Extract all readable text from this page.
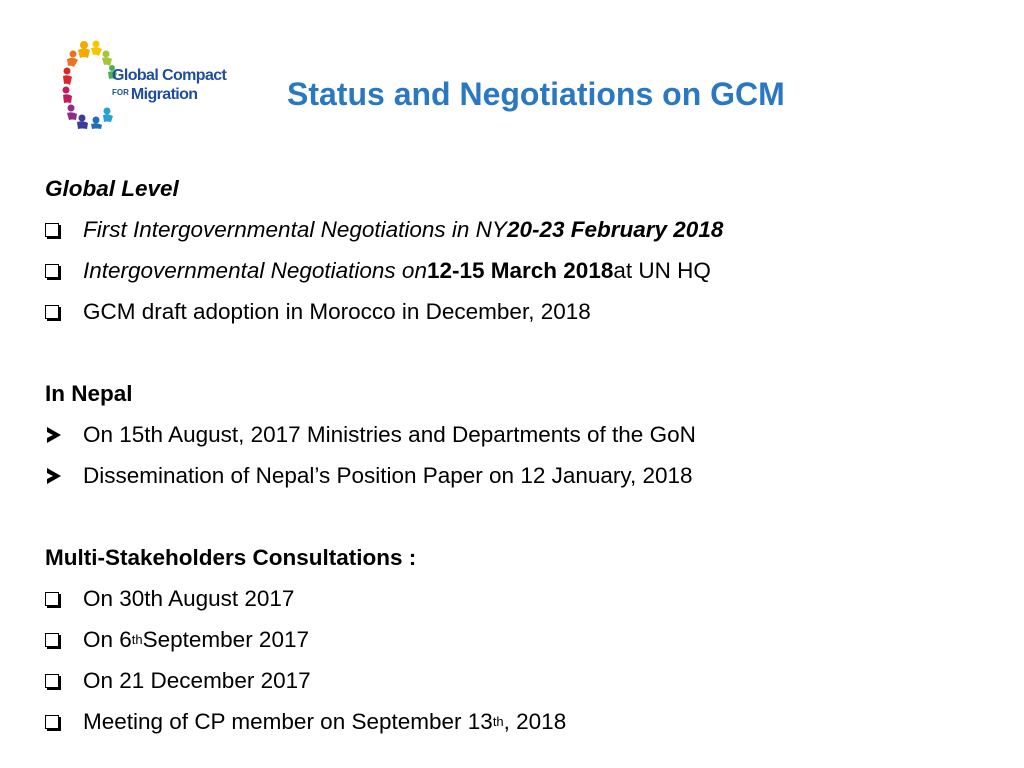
Global Compact
$^{FOR}$ Migration	Status and Negotiations on GCM
Global Level
First Intergovernmental Negotiations in NY 20-23 February 2018
Intergovernmental Negotiations on 12-15 March 2018 at UN HQ
GCM draft adoption in Morocco in December, 2018
In Nepal
On 15th August, 2017 Ministries and Departments of the GoN
Dissemination of Nepal’s Position Paper on 12 January, 2018
Multi-Stakeholders Consultations :
On 30th August 2017
On 6 th September 2017
On 21 December 2017
Meeting of CP member on September 13 th , 2018
